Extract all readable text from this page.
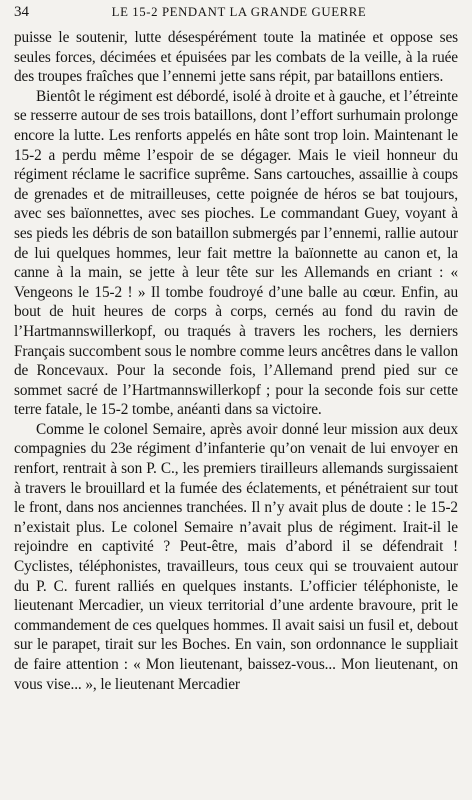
34	LE 15-2 PENDANT LA GRANDE GUERRE

puisse le soutenir, lutte désespérément toute la matinée et oppose ses seules forces, décimées et épuisées par les combats de la veille, à la ruée des troupes fraîches que l’ennemi jette sans répit, par bataillons entiers.

Bientôt le régiment est débordé, isolé à droite et à gauche, et l’étreinte se resserre autour de ses trois bataillons, dont l’effort surhumain prolonge encore la lutte. Les renforts appelés en hâte sont trop loin. Maintenant le 15-2 a perdu même l’espoir de se dégager. Mais le vieil honneur du régiment réclame le sacrifice suprême. Sans cartouches, assaillie à coups de grenades et de mitrailleuses, cette poignée de héros se bat toujours, avec ses baïonnettes, avec ses pioches. Le commandant Guey, voyant à ses pieds les débris de son bataillon submergés par l’ennemi, rallie autour de lui quelques hommes, leur fait mettre la baïonnette au canon et, la canne à la main, se jette à leur tête sur les Allemands en criant : « Vengeons le 15-2 ! » Il tombe foudroyé d’une balle au cœur. Enfin, au bout de huit heures de corps à corps, cernés au fond du ravin de l’Hartmannswillerkopf, ou traqués à travers les rochers, les derniers Français succombent sous le nombre comme leurs ancêtres dans le vallon de Roncevaux. Pour la seconde fois, l’Allemand prend pied sur ce sommet sacré de l’Hartmannswillerkopf ; pour la seconde fois sur cette terre fatale, le 15-2 tombe, anéanti dans sa victoire.

Comme le colonel Semaire, après avoir donné leur mission aux deux compagnies du 23e régiment d’infanterie qu’on venait de lui envoyer en renfort, rentrait à son P. C., les premiers tirailleurs allemands surgissaient à travers le brouillard et la fumée des éclatements, et pénétraient sur tout le front, dans nos anciennes tranchées. Il n’y avait plus de doute : le 15-2 n’existait plus. Le colonel Semaire n’avait plus de régiment. Irait-il le rejoindre en captivité ? Peut-être, mais d’abord il se défendrait ! Cyclistes, téléphonistes, travailleurs, tous ceux qui se trouvaient autour du P. C. furent ralliés en quelques instants. L’officier téléphoniste, le lieutenant Mercadier, un vieux territorial d’une ardente bravoure, prit le commandement de ces quelques hommes. Il avait saisi un fusil et, debout sur le parapet, tirait sur les Boches. En vain, son ordonnance le suppliait de faire attention : « Mon lieutenant, baissez-vous... Mon lieutenant, on vous vise... », le lieutenant Mercadier
